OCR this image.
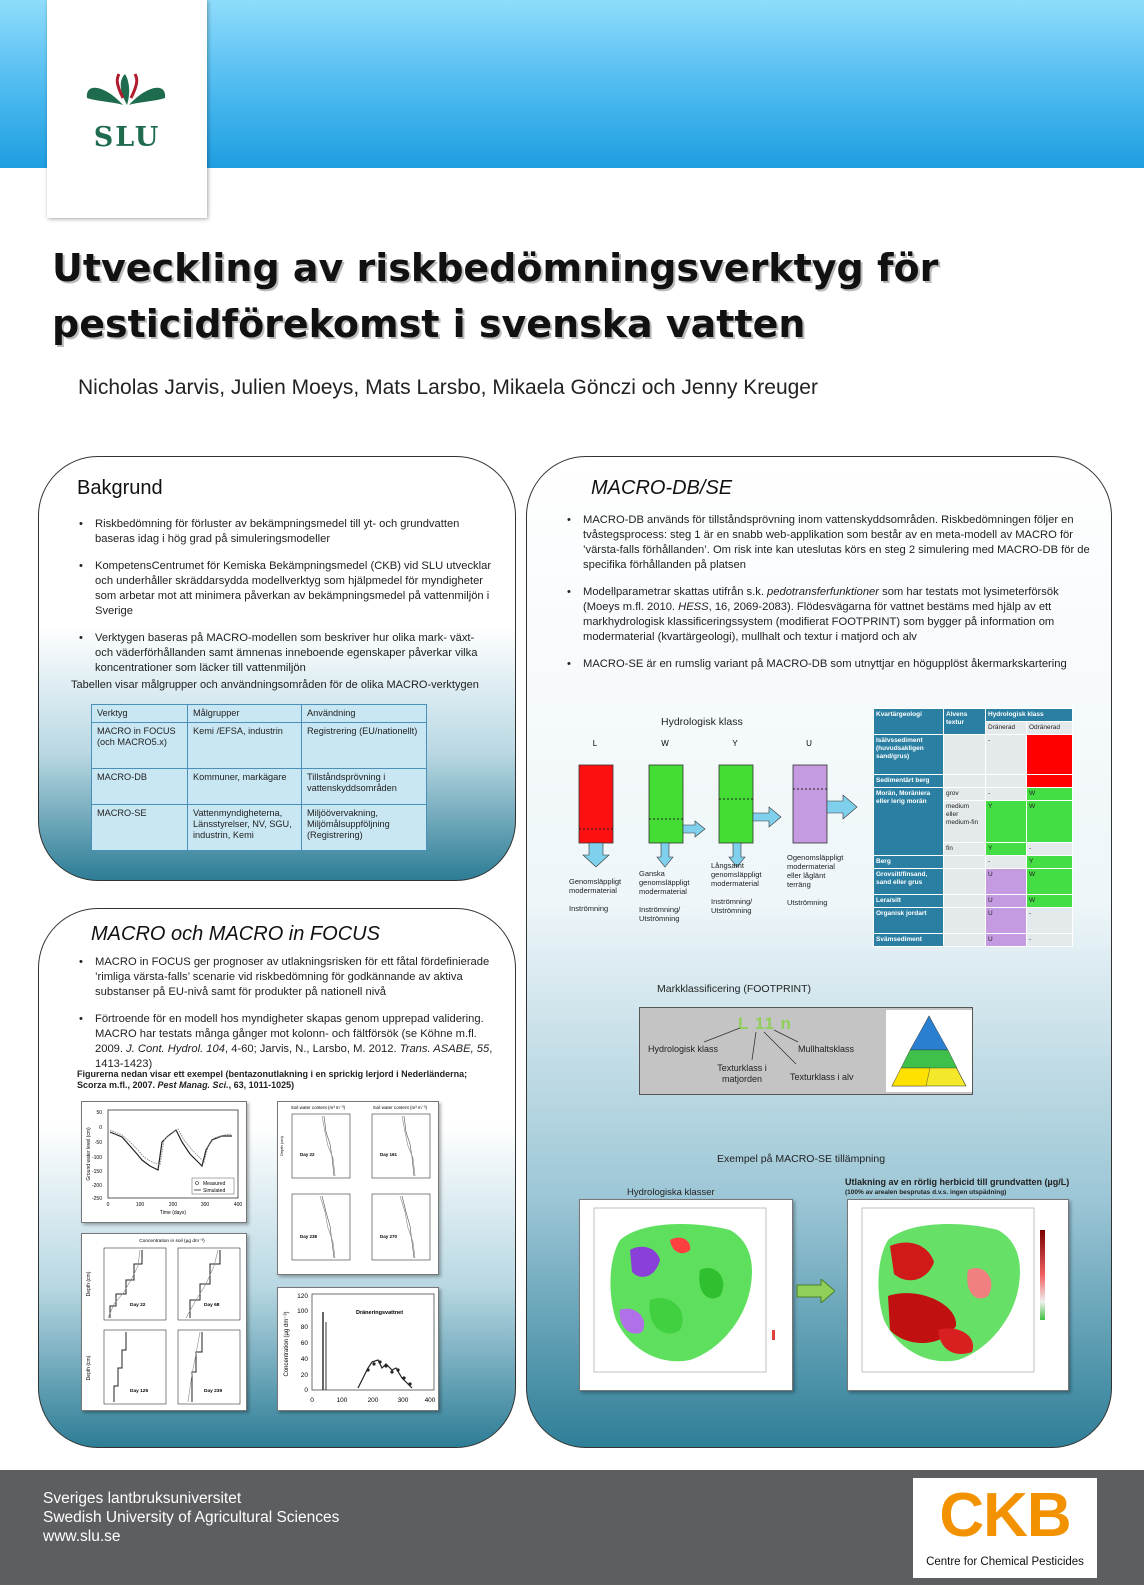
SLU
Utveckling av riskbedömningsverktyg för
pesticidförekomst i svenska vatten
Nicholas Jarvis, Julien Moeys, Mats Larsbo, Mikaela Gönczi och Jenny Kreuger
Bakgrund
• Riskbedömning för förluster av bekämpningsmedel till yt- och grundvatten baseras idag i hög grad på simuleringsmodeller
• KompetensCentrumet för Kemiska Bekämpningsmedel (CKB) vid SLU utvecklar och underhåller skräddarsydda modellverktyg som hjälpmedel för myndigheter som arbetar mot att minimera påverkan av bekämpningsmedel på vattenmiljön i Sverige
• Verktygen baseras på MACRO-modellen som beskriver hur olika mark- växt- och väderförhållanden samt ämnenas inneboende egenskaper påverkar vilka koncentrationer som läcker till vattenmiljön
Tabellen visar målgrupper och användningsområden för de olika MACRO-verktygen
Verktyg	Målgrupper	Användning
MACRO in FOCUS (och MACRO5.x)	Kemi /EFSA, industrin	Registrering (EU/nationellt)
MACRO-DB	Kommuner, markägare	Tillståndsprövning i vattenskyddsområden
MACRO-SE	Vattenmyndigheterna, Länsstyrelser, NV, SGU, industrin, Kemi	Miljöövervakning, Miljömålsuppföljning (Registrering)
MACRO och MACRO in FOCUS
• MACRO in FOCUS ger prognoser av utlakningsrisken för ett fåtal fördefinierade ’rimliga värsta-falls’ scenarie vid riskbedömning för godkännande av aktiva substanser på EU-nivå samt för produkter på nationell nivå
• Förtroende för en modell hos myndigheter skapas genom upprepad validering. MACRO har testats många gånger mot kolonn- och fältförsök (se Köhne m.fl. 2009. J. Cont. Hydrol. 104, 4-60; Jarvis, N., Larsbo, M. 2012. Trans. ASABE, 55, 1413-1423)
Figurerna nedan visar ett exempel (bentazonutlakning i en sprickig lerjord i Nederländerna; Scorza m.fl., 2007. Pest Manag. Sci., 63, 1011-1025)
Measured
Simulated
50
0
-50
-100
-150
-200
-250
0	100	200	300	400
Time (days)
Ground water level (cm)
Soil water content (m³ m⁻³)	Soil water content (m³ m⁻³)
Day 22	Day 161
Day 238	Day 270
Depth (cm)
Concentration in soil (µg dm⁻³)
Day 22	Day 68
Day 125	Day 239
Depth (cm)
Depth (cm)
Dräneringsvattnet
120
100
80
60
40
20
0
0	100	200	300 400
Concentration (µg dm⁻³)
MACRO-DB/SE
• MACRO-DB används för tillståndsprövning inom vattenskyddsområden. Riskbedömningen följer en tvåstegsprocess: steg 1 är en snabb web-applikation som består av en meta-modell av MACRO för ’värsta-falls förhållanden’. Om risk inte kan uteslutas körs en steg 2 simulering med MACRO-DB för de specifika förhållanden på platsen
• Modellparametrar skattas utifrån s.k. pedotransferfunktioner som har testats mot lysimeterförsök (Moeys m.fl. 2010. HESS, 16, 2069-2083). Flödesvägarna för vattnet bestäms med hjälp av ett markhydrologisk klassificeringssystem (modifierat FOOTPRINT) som bygger på information om modermaterial (kvartärgeologi), mullhalt och textur i matjord och alv
• MACRO-SE är en rumslig variant på MACRO-DB som utnyttjar en högupplöst åkermarkskartering
Hydrologisk klass
L	W	Y	U
Genomsläppligt modermaterial

Inströmning
Ganska genomsläppligt modermaterial

Inströmning/ Utströmning
Långsamt genomsläppligt modermaterial

Inströmning/ Utströmning
Ogenomsläppligt modermaterial eller låglänt terräng

Utströmning
Kvartärgeologi	Alvens textur	Hydrologisk klass	
		Dränerad	Odränerad
Isälvssediment (huvudsakligen sand/grus)		-	
Sedimentärt berg			
Morän, Moräniera eller lerig morän	grov	-	W
	medium eller medium-fin	Y	W
	fin	Y	-
Berg		-	Y
Grovsilt/finsand, sand eller grus		U	W
Lera/silt		U	W
Organisk jordart		U	-
Svämsediment		U	-
Markklassificering (FOOTPRINT)
L 11 n
Hydrologisk klass	Mullhaltsklass
Texturklass i matjorden	Texturklass i alv
Exempel på MACRO-SE tillämpning
Hydrologiska klasser
Utlakning av en rörlig herbicid till grundvatten (µg/L)
(100% av arealen besprutas d.v.s. ingen utspädning)
Sveriges lantbruksuniversitet
Swedish University of Agricultural Sciences
www.slu.se	CKB
Centre for Chemical Pesticides
